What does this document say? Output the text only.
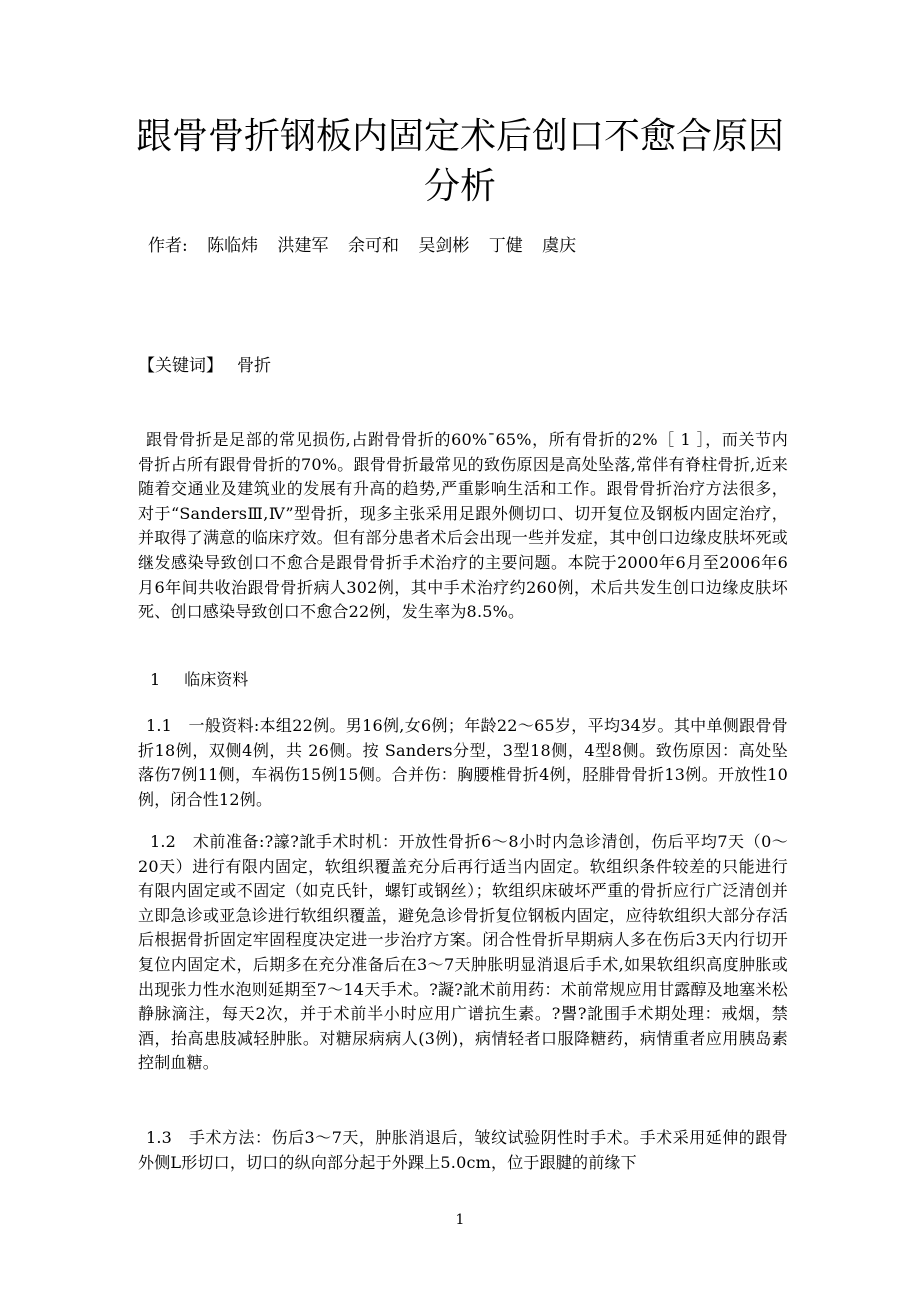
跟骨骨折钢板内固定术后创口不愈合原因分析
作者: 陈临炜 洪建军 余可和 吴剑彬 丁健 虞庆
【关键词】 骨折

跟骨骨折是足部的常见损伤,占跗骨骨折的60%¯65%，所有骨折的2%［ 1 ］，而关节内骨折占所有跟骨骨折的70%。跟骨骨折最常见的致伤原因是高处坠落,常伴有脊柱骨折,近来随着交通业及建筑业的发展有升高的趋势,严重影响生活和工作。跟骨骨折治疗方法很多，对于“SandersⅢ,Ⅳ”型骨折，现多主张采用足跟外侧切口、切开复位及钢板内固定治疗，并取得了满意的临床疗效。但有部分患者术后会出现一些并发症，其中创口边缘皮肤坏死或继发感染导致创口不愈合是跟骨骨折手术治疗的主要问题。本院于2000年6月至2006年6月6年间共收治跟骨骨折病人302例，其中手术治疗约260例，术后共发生创口边缘皮肤坏死、创口感染导致创口不愈合22例，发生率为8.5%。

1 临床资料

1.1　一般资料:本组22例。男16例,女6例；年龄22～65岁，平均34岁。其中单侧跟骨骨折18例，双侧4例，共 26侧。按 Sanders分型，3型18侧，4型8侧。致伤原因：高处坠落伤7例11侧，车祸伤15例15侧。合并伤：胸腰椎骨折4例，胫腓骨骨折13例。开放性10例，闭合性12例。

1.2　术前准备:?譹?訛手术时机：开放性骨折6～8小时内急诊清创，伤后平均7天（0～20天）进行有限内固定，软组织覆盖充分后再行适当内固定。软组织条件较差的只能进行有限内固定或不固定（如克氏针，螺钉或钢丝）；软组织床破坏严重的骨折应行广泛清创并立即急诊或亚急诊进行软组织覆盖，避免急诊骨折复位钢板内固定，应待软组织大部分存活后根据骨折固定牢固程度决定进一步治疗方案。闭合性骨折早期病人多在伤后3天内行切开复位内固定术，后期多在充分准备后在3～7天肿胀明显消退后手术,如果软组织高度肿胀或出现张力性水泡则延期至7～14天手术。?譺?訛术前用药：术前常规应用甘露醇及地塞米松静脉滴注，每天2次，并于术前半小时应用广谱抗生素。?譻?訛围手术期处理：戒烟，禁酒，抬高患肢减轻肿胀。对糖尿病病人(3例)，病情轻者口服降糖药，病情重者应用胰岛素控制血糖。

1.3　手术方法：伤后3～7天，肿胀消退后，皱纹试验阴性时手术。手术采用延伸的跟骨外侧L形切口，切口的纵向部分起于外踝上5.0cm，位于跟腱的前缘下

1
